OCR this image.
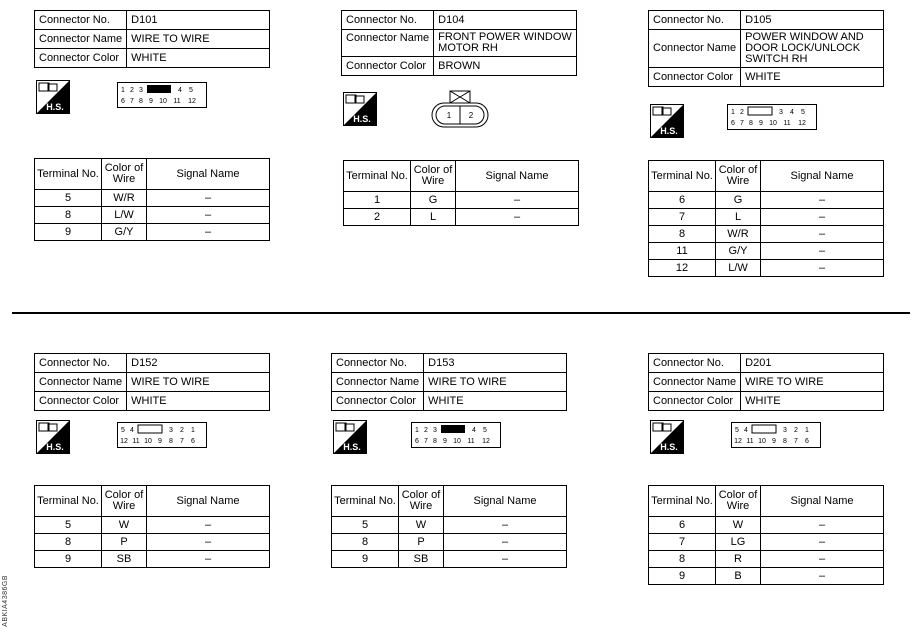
Connector No.	D101
Connector Name	WIRE TO WIRE
Connector Color	WHITE
H.S.
1 2 3	4 5
6 7 8 9 10 11 12
Terminal No.	Color of Wire	Signal Name
5	W/R	–
8	L/W	–
9	G/Y	–
Connector No.	D104
Connector Name	FRONT POWER WINDOW MOTOR RH
Connector Color	BROWN
H.S.	1 2
Terminal No.	Color of Wire	Signal Name
1	G	–
2	L	–
Connector No.	D105
Connector Name	POWER WINDOW AND DOOR LOCK/UNLOCK SWITCH RH
Connector Color	WHITE
H.S.
1 2	3 4 5
6 7 8 9 10 11 12
Terminal No.	Color of Wire	Signal Name
6	G	–
7	L	–
8	W/R	–
11	G/Y	–
12	L/W	–
Connector No.	D152
Connector Name	WIRE TO WIRE
Connector Color	WHITE
H.S.
5 4	3 2 1
12 11 10 9 8 7 6
Terminal No.	Color of Wire	Signal Name
5	W	–
8	P	–
9	SB	–
Connector No.	D153
Connector Name	WIRE TO WIRE
Connector Color	WHITE
H.S.
1 2 3	4 5
6 7 8 9 10 11 12
Terminal No.	Color of Wire	Signal Name
5	W	–
8	P	–
9	SB	–
Connector No.	D201
Connector Name	WIRE TO WIRE
Connector Color	WHITE
H.S.
5 4	3 2 1
12 11 10 9 8 7 6
Terminal No.	Color of Wire	Signal Name
6	W	–
7	LG	–
8	R	–
9	B	–
ABKIA4386GB
